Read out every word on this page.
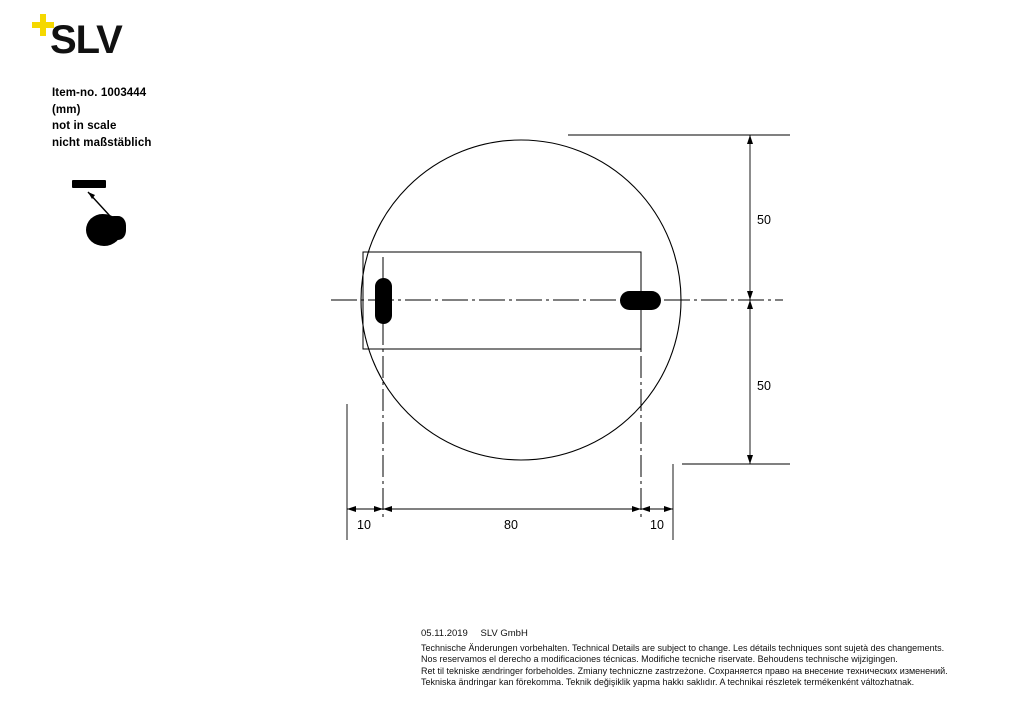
SLV
Item-no. 1003444
(mm)
not in scale
nicht maßstäblich
50
50
10	80	10
05.11.2019 SLV GmbH
Technische Änderungen vorbehalten. Technical Details are subject to change. Les détails techniques sont sujetà des changements.
Nos reservamos el derecho a modificaciones técnicas. Modifiche tecniche riservate. Behoudens technische wijzigingen.
Ret til tekniske ændringer forbeholdes. Zmiany techniczne zastrzeżone. Сохраняется право на внесение технических изменений.
Tekniska ändringar kan förekomma. Teknik değişiklik yapma hakkı saklıdır. A technikai részletek termékenként változhatnak.
